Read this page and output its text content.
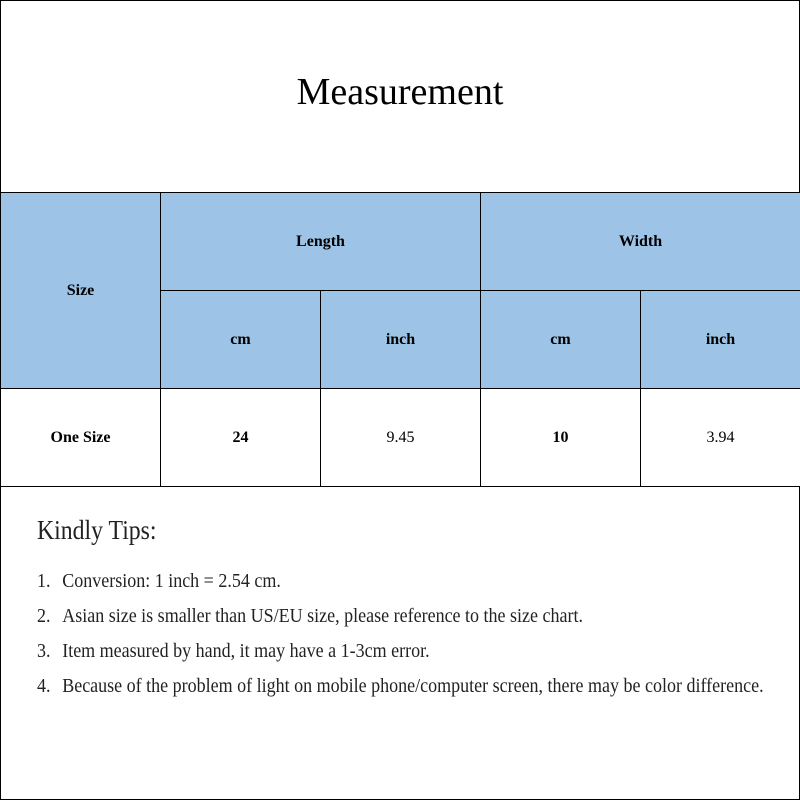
Measurement
Size	Length		Width	
	cm	inch	cm	inch
One Size	24	9.45	10	3.94
Kindly Tips:
1. Conversion: 1 inch = 2.54 cm.
2. Asian size is smaller than US/EU size, please reference to the size chart.
3. Item measured by hand, it may have a 1-3cm error.
4. Because of the problem of light on mobile phone/computer screen, there may be color difference.
